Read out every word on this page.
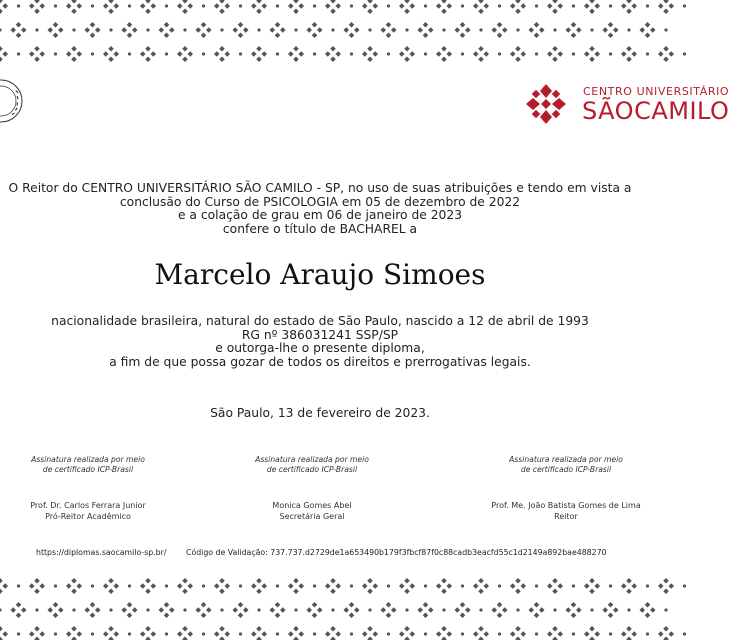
CENTRO UNIVERSITÁRIO
SÃOCAMILO
O Reitor do CENTRO UNIVERSITÁRIO SÃO CAMILO - SP, no uso de suas atribuições e tendo em vista a
conclusão do Curso de PSICOLOGIA em 05 de dezembro de 2022
e a colação de grau em 06 de janeiro de 2023
confere o título de BACHAREL a
Marcelo Araujo Simoes
nacionalidade brasileira, natural do estado de São Paulo, nascido a 12 de abril de 1993
RG nº 386031241 SSP/SP
e outorga-lhe o presente diploma,
a fim de que possa gozar de todos os direitos e prerrogativas legais.
São Paulo, 13 de fevereiro de 2023.
Assinatura realizada por meio
de certificado ICP-Brasil
Prof. Dr. Carlos Ferrara Junior
Pró-Reitor Acadêmico
Assinatura realizada por meio
de certificado ICP-Brasil
Monica Gomes Abel
Secretária Geral
Assinatura realizada por meio
de certificado ICP-Brasil
Prof. Me. João Batista Gomes de Lima
Reitor
https://diplomas.saocamilo-sp.br/	Código de Validação: 737.737.d2729de1a653490b179f3fbcf87f0c88cadb3eacfd55c1d2149a892bae488270
